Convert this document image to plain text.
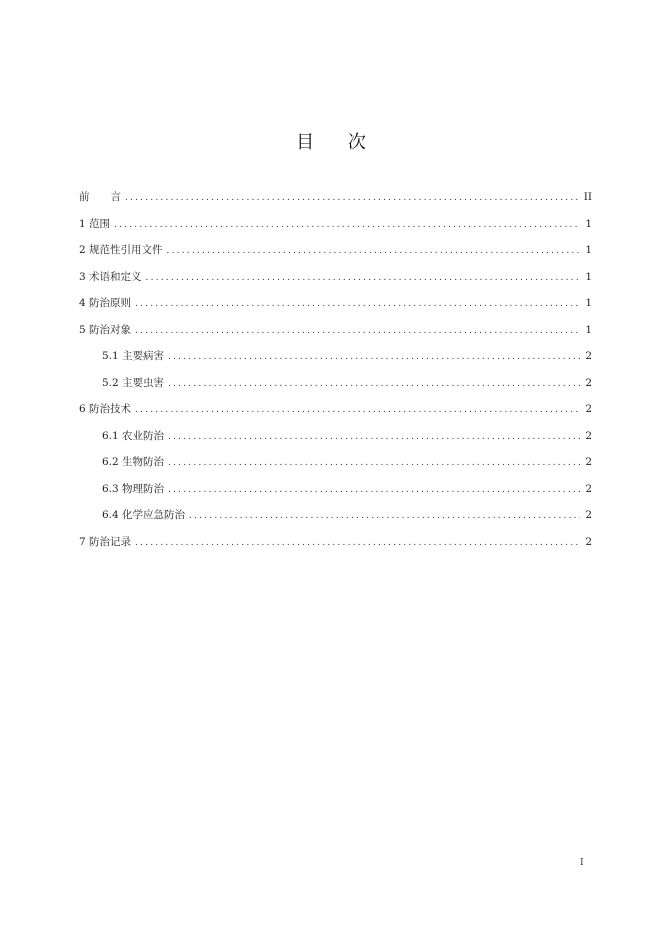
目 次
前　　言 .....	II
1 范围 .....	1
2 规范性引用文件 .....	1
3 术语和定义 .....	1
4 防治原则 .....	1
5 防治对象 .....	1
5.1 主要病害 .....	2
5.2 主要虫害 .....	2
6 防治技术 .....	2
6.1 农业防治 .....	2
6.2 生物防治 .....	2
6.3 物理防治 .....	2
6.4 化学应急防治 .....	2
7 防治记录 .....	2
I
